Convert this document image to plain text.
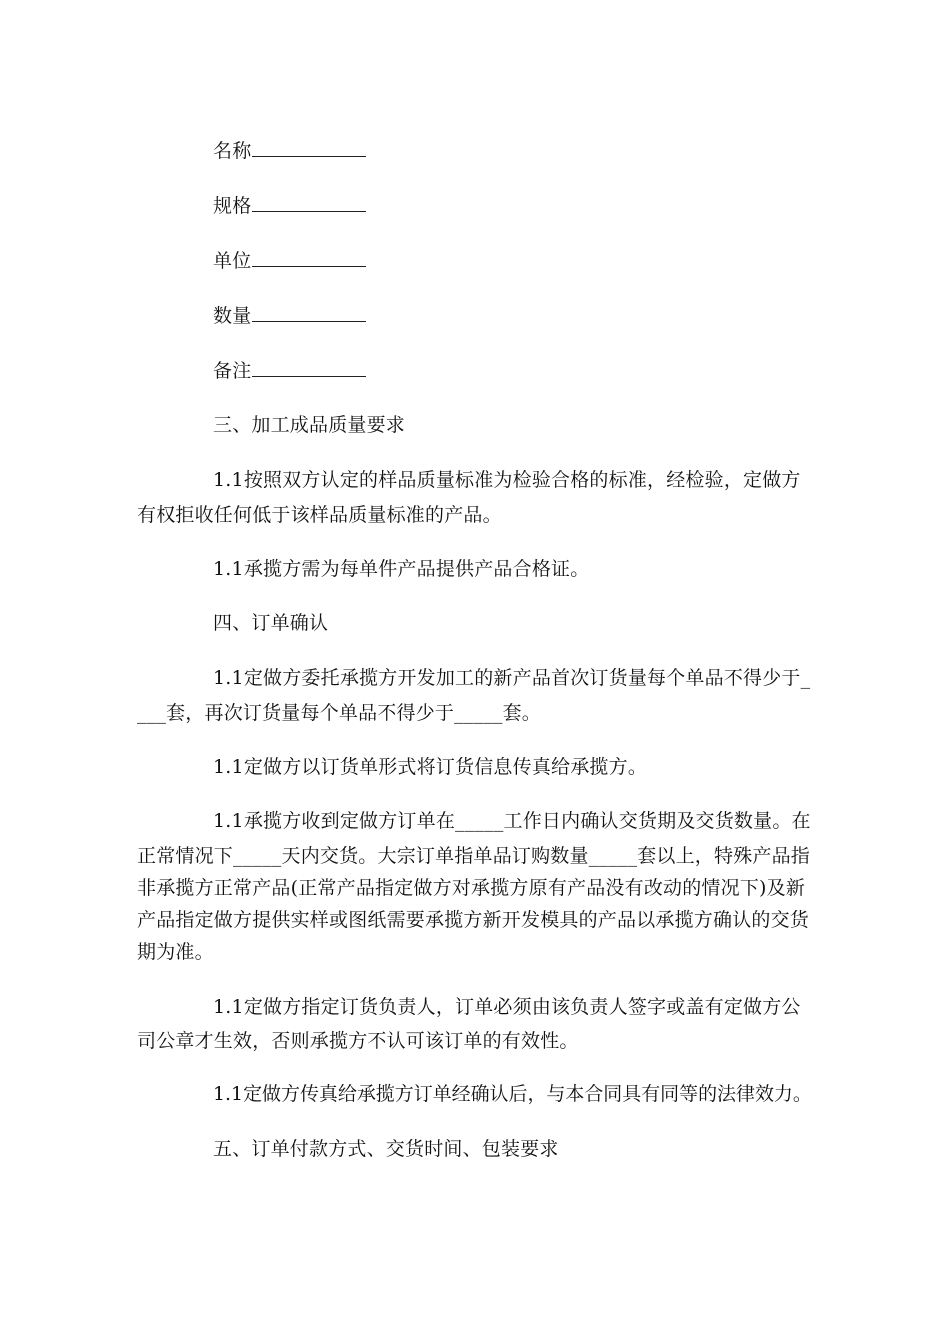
名称
规格
单位
数量
备注
三、加工成品质量要求
1.1按照双方认定的样品质量标准为检验合格的标准，经检验，定做方
有权拒收任何低于该样品质量标准的产品。
1.1承揽方需为每单件产品提供产品合格证。
四、订单确认
1.1定做方委托承揽方开发加工的新产品首次订货量每个单品不得少于_
___套，再次订货量每个单品不得少于_____套。
1.1定做方以订货单形式将订货信息传真给承揽方。
1.1承揽方收到定做方订单在_____工作日内确认交货期及交货数量。在
正常情况下_____天内交货。大宗订单指单品订购数量_____套以上，特殊产品指
非承揽方正常产品(正常产品指定做方对承揽方原有产品没有改动的情况下)及新
产品指定做方提供实样或图纸需要承揽方新开发模具的产品以承揽方确认的交货
期为准。
1.1定做方指定订货负责人，订单必须由该负责人签字或盖有定做方公
司公章才生效，否则承揽方不认可该订单的有效性。
1.1定做方传真给承揽方订单经确认后，与本合同具有同等的法律效力。
五、订单付款方式、交货时间、包装要求
